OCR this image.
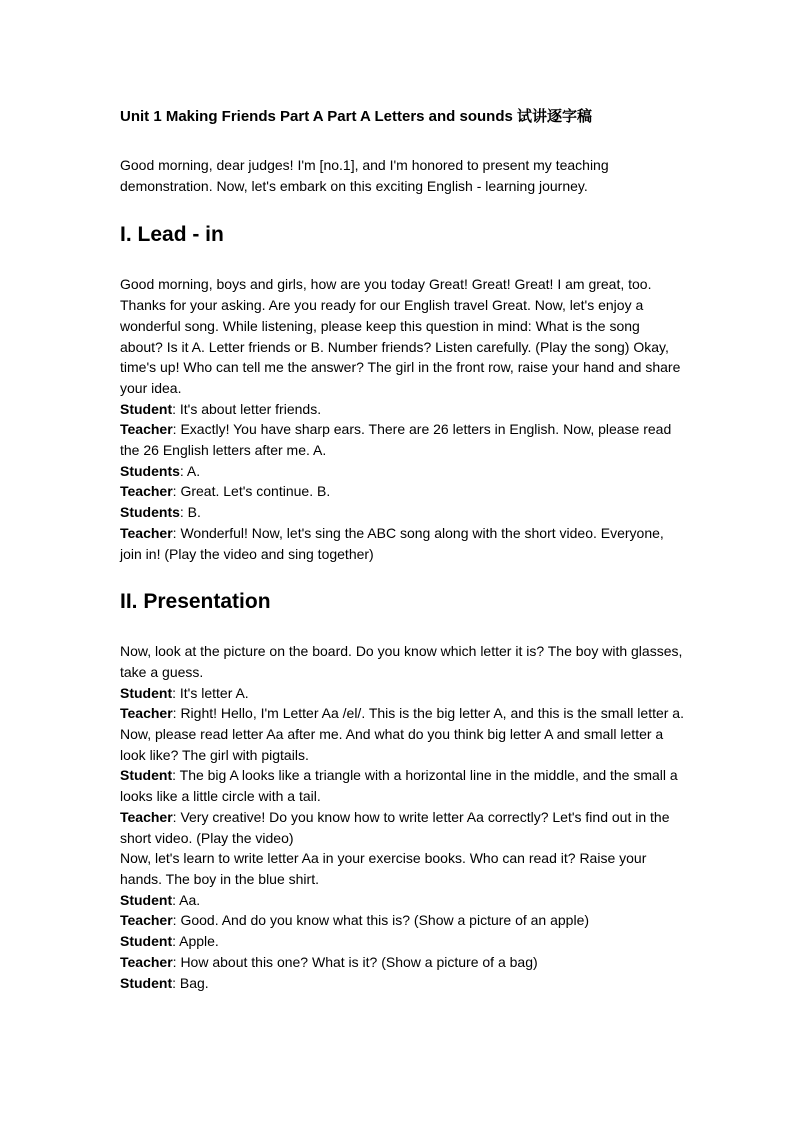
Unit 1 Making Friends Part A Part A Letters and sounds 试讲逐字稿

Good morning, dear judges! I'm [no.1], and I'm honored to present my teaching demonstration. Now, let's embark on this exciting English - learning journey.

I. Lead - in

Good morning, boys and girls, how are you today Great! Great! Great! I am great, too. Thanks for your asking. Are you ready for our English travel Great. Now, let's enjoy a wonderful song. While listening, please keep this question in mind: What is the song about? Is it A. Letter friends or B. Number friends? Listen carefully. (Play the song) Okay, time's up! Who can tell me the answer? The girl in the front row, raise your hand and share your idea.

Student: It's about letter friends.

Teacher: Exactly! You have sharp ears. There are 26 letters in English. Now, please read the 26 English letters after me. A.

Students: A.

Teacher: Great. Let's continue. B.

Students: B.

Teacher: Wonderful! Now, let's sing the ABC song along with the short video. Everyone, join in! (Play the video and sing together)

II. Presentation

Now, look at the picture on the board. Do you know which letter it is? The boy with glasses, take a guess.

Student: It's letter A.

Teacher: Right! Hello, I'm Letter Aa /el/. This is the big letter A, and this is the small letter a. Now, please read letter Aa after me. And what do you think big letter A and small letter a look like? The girl with pigtails.

Student: The big A looks like a triangle with a horizontal line in the middle, and the small a looks like a little circle with a tail.

Teacher: Very creative! Do you know how to write letter Aa correctly? Let's find out in the short video. (Play the video)

Now, let's learn to write letter Aa in your exercise books. Who can read it? Raise your hands. The boy in the blue shirt.

Student: Aa.

Teacher: Good. And do you know what this is? (Show a picture of an apple)

Student: Apple.

Teacher: How about this one? What is it? (Show a picture of a bag)

Student: Bag.
